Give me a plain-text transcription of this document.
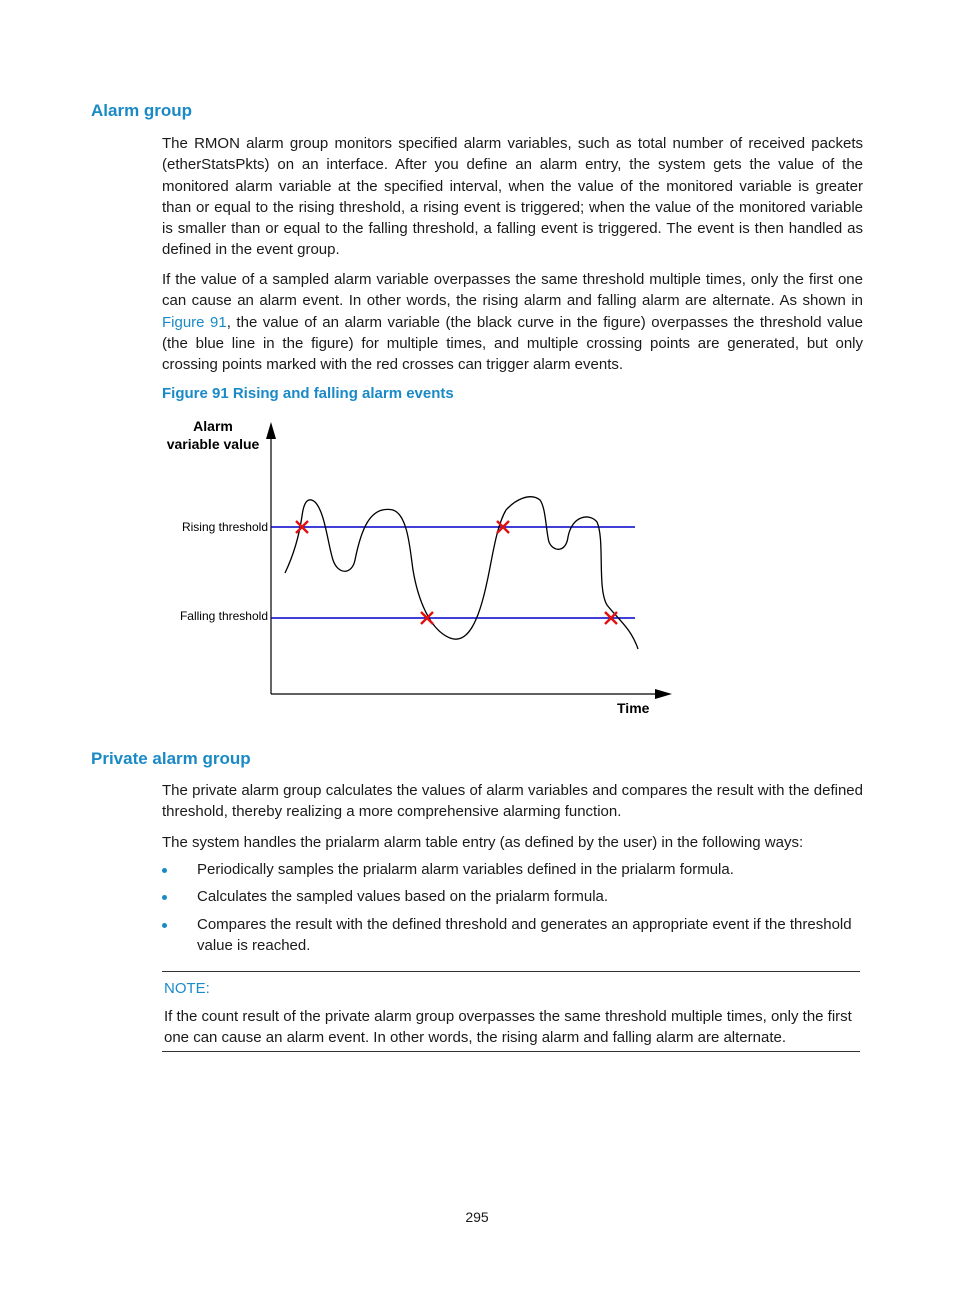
Alarm group

The RMON alarm group monitors specified alarm variables, such as total number of received packets (etherStatsPkts) on an interface. After you define an alarm entry, the system gets the value of the monitored alarm variable at the specified interval, when the value of the monitored variable is greater than or equal to the rising threshold, a rising event is triggered; when the value of the monitored variable is smaller than or equal to the falling threshold, a falling event is triggered. The event is then handled as defined in the event group.

If the value of a sampled alarm variable overpasses the same threshold multiple times, only the first one can cause an alarm event. In other words, the rising alarm and falling alarm are alternate. As shown in Figure 91, the value of an alarm variable (the black curve in the figure) overpasses the threshold value (the blue line in the figure) for multiple times, and multiple crossing points are generated, but only crossing points marked with the red crosses can trigger alarm events.

Figure 91 Rising and falling alarm events

Alarm
variable value
Time
Rising threshold
Falling threshold
Private alarm group

The private alarm group calculates the values of alarm variables and compares the result with the defined threshold, thereby realizing a more comprehensive alarming function.

The system handles the prialarm alarm table entry (as defined by the user) in the following ways:

Periodically samples the prialarm alarm variables defined in the prialarm formula.
Calculates the sampled values based on the prialarm formula.
Compares the result with the defined threshold and generates an appropriate event if the threshold value is reached.

NOTE:

If the count result of the private alarm group overpasses the same threshold multiple times, only the first one can cause an alarm event. In other words, the rising alarm and falling alarm are alternate.

295
